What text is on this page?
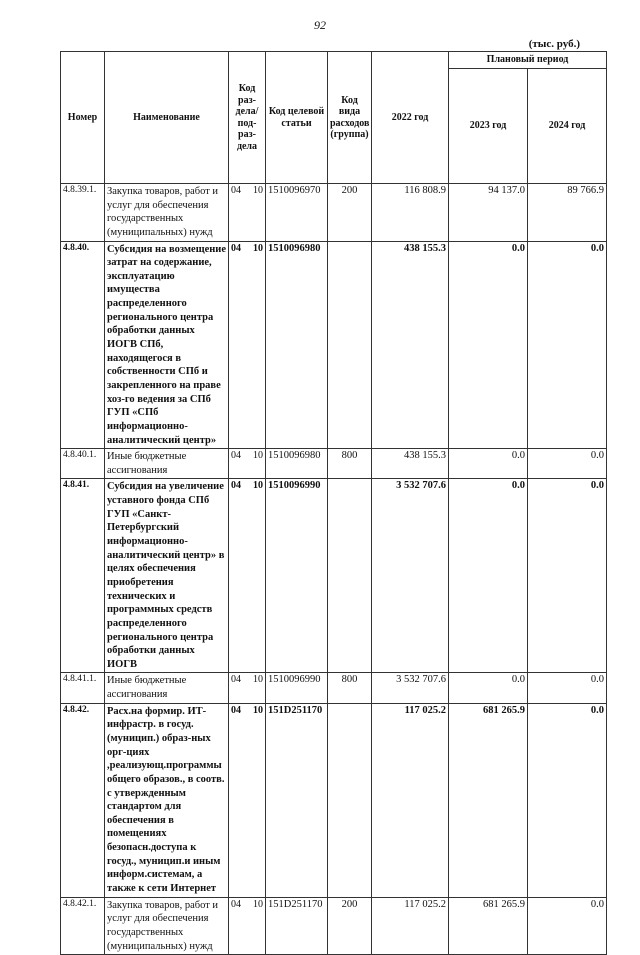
92
(тыс. руб.)
Номер	Наименование	Код раз- дела/ под- раз- дела	Код целевой статьи	Код вида расходов (группа)	2022 год	Плановый период	
						2023 год	2024 год
4.8.39.1.	Закупка товаров, работ и услуг для обеспечения государственных (муниципальных) нужд	04 10	1510096970	200	116 808.9	94 137.0	89 766.9
4.8.40.	Субсидия на возмещение затрат на содержание, эксплуатацию имущества распределенного регионального центра обработки данных ИОГВ СПб, находящегося в собственности СПб и закрепленного на праве хоз-го ведения за СПб ГУП «СПб информационно-аналитический центр»	04 10	1510096980		438 155.3	0.0	0.0
4.8.40.1.	Иные бюджетные ассигнования	04 10	1510096980	800	438 155.3	0.0	0.0
4.8.41.	Субсидия на увеличение уставного фонда СПб ГУП «Санкт-Петербургский информационно-аналитический центр» в целях обеспечения приобретения технических и программных средств распределенного регионального центра обработки данных ИОГВ	04 10	1510096990		3 532 707.6	0.0	0.0
4.8.41.1.	Иные бюджетные ассигнования	04 10	1510096990	800	3 532 707.6	0.0	0.0
4.8.42.	Расх.на формир. ИТ-инфрастр. в госуд. (муницип.) образ-ных орг-циях ,реализующ.программы общего образов., в соотв. с утвержденным стандартом для обеспечения в помещениях безопасн.доступа к госуд., муницип.и иным информ.системам, а также к сети Интернет	04 10	151D251170		117 025.2	681 265.9	0.0
4.8.42.1.	Закупка товаров, работ и услуг для обеспечения государственных (муниципальных) нужд	04 10	151D251170	200	117 025.2	681 265.9	0.0
